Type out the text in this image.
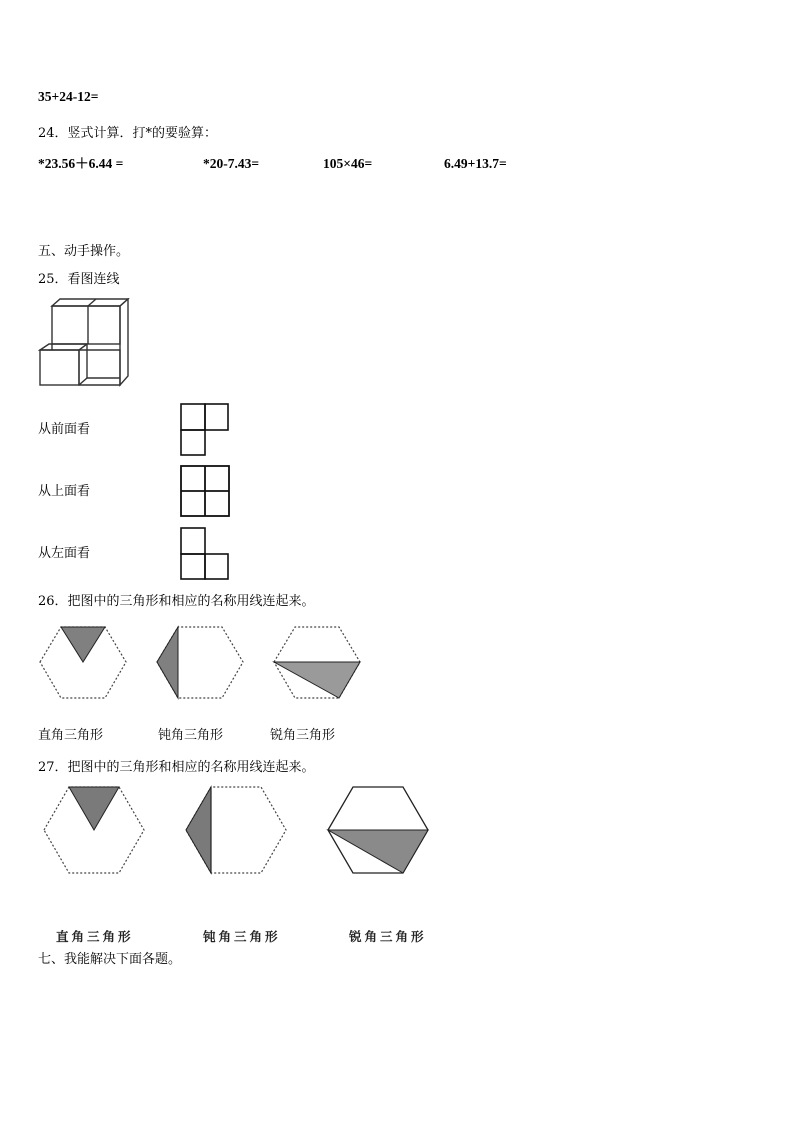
35+24-12=
24．竖式计算．打*的要验算：
*23.56＋6.44 =	*20-7.43=	105×46=	6.49+13.7=
五、动手操作。
25．看图连线
从前面看
从上面看
从左面看
26．把图中的三角形和相应的名称用线连起来。
直角三角形	钝角三角形	锐角三角形
27．把图中的三角形和相应的名称用线连起来。
直角三角形	钝角三角形	锐角三角形
七、我能解决下面各题。
